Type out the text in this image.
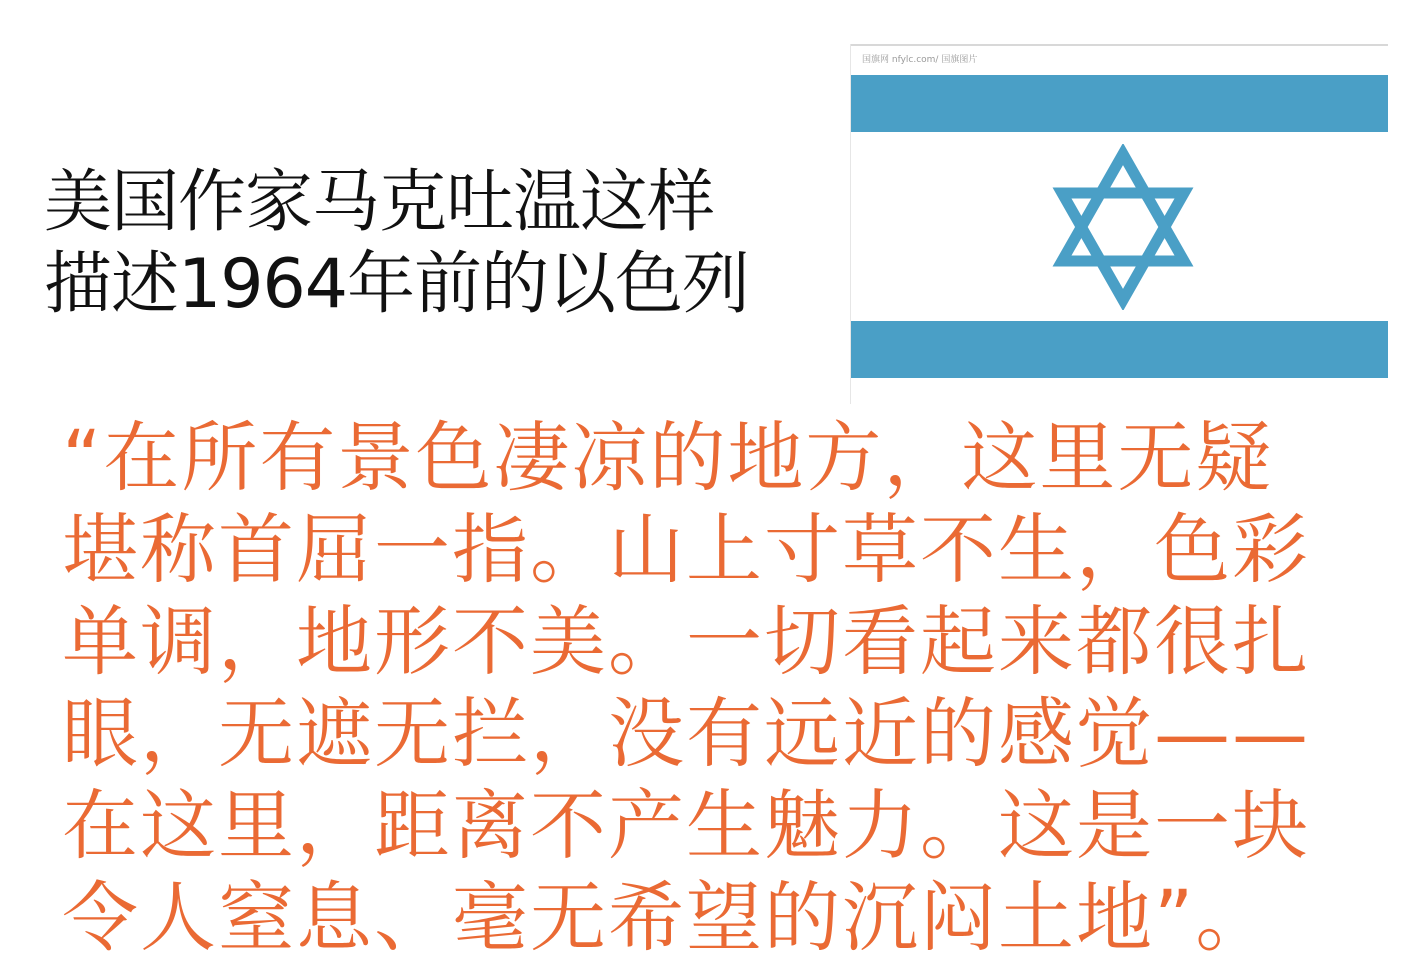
美国作家马克吐温这样
描述1964年前的以色列
国旗网 nfylc.com/ 国旗图片

“在所有景色凄凉的地方，这里无疑
堪称首屈一指。山上寸草不生，色彩
单调，地形不美。一切看起来都很扎
眼，无遮无拦，没有远近的感觉——
在这里，距离不产生魅力。这是一块
令人窒息、毫无希望的沉闷土地”。
